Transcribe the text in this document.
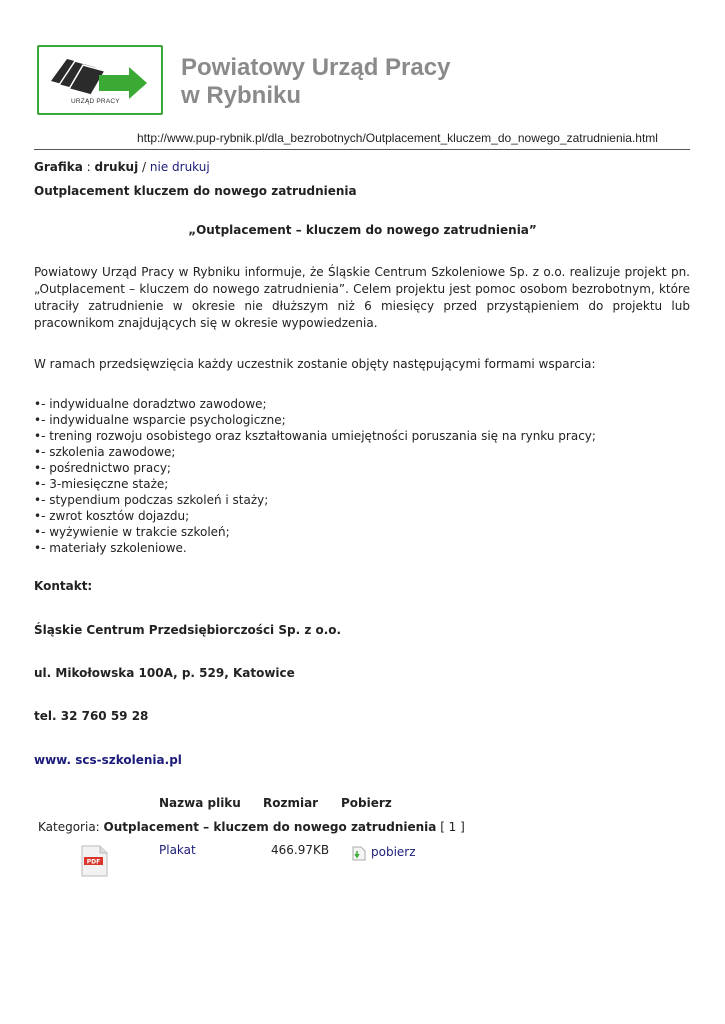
URZĄD PRACY
Powiatowy Urząd Pracy
w Rybniku
http://www.pup-rybnik.pl/dla_bezrobotnych/Outplacement_kluczem_do_nowego_zatrudnienia.html
Grafika : drukuj / nie drukuj
Outplacement kluczem do nowego zatrudnienia
„Outplacement – kluczem do nowego zatrudnienia”
Powiatowy Urząd Pracy w Rybniku informuje, że Śląskie Centrum Szkoleniowe Sp. z o.o. realizuje projekt pn. „Outplacement – kluczem do nowego zatrudnienia”. Celem projektu jest pomoc osobom bezrobotnym, które utraciły zatrudnienie w okresie nie dłuższym niż 6 miesięcy przed przystąpieniem do projektu lub pracownikom znajdujących się w okresie wypowiedzenia.
W ramach przedsięwzięcia każdy uczestnik zostanie objęty następującymi formami wsparcia:
• - indywidualne doradztwo zawodowe;
• - indywidualne wsparcie psychologiczne;
• - trening rozwoju osobistego oraz kształtowania umiejętności poruszania się na rynku pracy;
• - szkolenia zawodowe;
• - pośrednictwo pracy;
• - 3-miesięczne staże;
• - stypendium podczas szkoleń i staży;
• - zwrot kosztów dojazdu;
• - wyżywienie w trakcie szkoleń;
• - materiały szkoleniowe.
Kontakt:
Śląskie Centrum Przedsiębiorczości Sp. z o.o.
ul. Mikołowska 100A, p. 529, Katowice
tel. 32 760 59 28
www. scs-szkolenia.pl
Nazwa pliku Rozmiar Pobierz
Kategoria: Outplacement – kluczem do nowego zatrudnienia [ 1 ]
PDF
Plakat	466.97KB	pobierz
